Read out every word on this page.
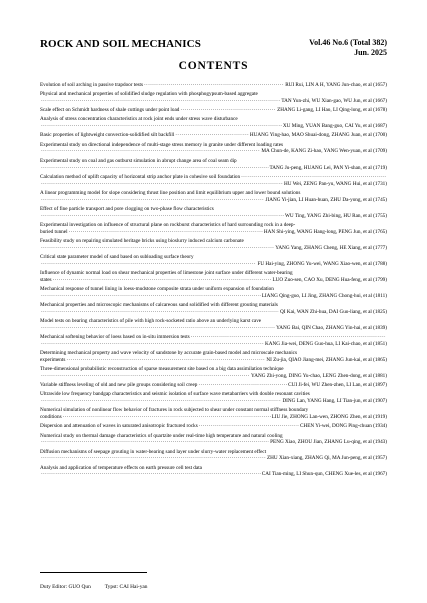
ROCK AND SOIL MECHANICS	Vol.46 No.6 (Total 382)
Jun. 2025
CONTENTS
Evolution of soil arching in passive trapdoor tests ·····	RUI Rui, LIN A H, YANG Jun-chao, et al (1657)
Physical and mechanical properties of solidified sludge regulation with phosphogypsum-based aggregate
·····
TAN Yun-zhi, WU Xian-gao, WU Jun, et al (1667)
Scale effect on Schmidt hardness of shale cuttings under point load ·····	ZHANG Li-gang, LI Hao, LI Qing-long, et al (1678)
Analysis of stress concentration characteristics at rock joint ends under stress wave disturbance
·····
XU Ming, YUAN Bang-guo, CAI Yu, et al (1687)
Basic properties of lightweight convection-solidified silt backfill ·····	HUANG Ying-hao, MAO Shuai-dong, ZHANG Juan, et al (1700)
Experimental study on directional independence of multi-stage stress memory in granite under different loading rates
·····
MA Chun-de, KANG Zi-hao, YANG Wen-yuan, et al (1709)
Experimental study on coal and gas outburst simulation in abrupt change area of coal seam dip
·····
TANG Ju-peng, HUANG Lei, PAN Yi-shan, et al (1719)
Calculation method of uplift capacity of horizontal strip anchor plate in cohesive soil foundation
·····
·····
HU Wei, ZENG Pan-yu, WANG Hui, et al (1731)
A linear programming model for slope considering thrust line position and limit equilibrium upper and lower bound solutions
·····
JIANG Yi-jian, LI Huan-huan, ZHU Da-yong, et al (1745)
Effect of fine particle transport and pore clogging on two-phase flow characteristics
·····
WU Ting, YANG Zhi-bing, HU Ran, et al (1755)
Experimental investigation on influence of structural plane on rockburst characteristics of hard surrounding rock in a deep-
buried tunnel ·····	HAN Shi-ying, WANG Hang-long, PENG Jun, et al (1765)
Feasibility study on repairing simulated heritage bricks using bioslurry induced calcium carbonate
·····
YANG Yang, ZHANG Cheng, HE Xiang, et al (1777)
Critical state parameter model of sand based on subloading surface theory
·····
FU Hai-ying, ZHONG Yu-wei, WANG Xiao-wen, et al (1788)
Influence of dynamic normal load on shear mechanical properties of limestone joint surface under different water-bearing
states ·····	LUO Zuo-sen, CAO Xu, DENG Hua-feng, et al (1799)
Mechanical response of tunnel lining in loess-mudstone composite strata under uniform expansion of foundation
·····
LIANG Qing-guo, LI Jing, ZHANG Chong-hui, et al (1811)
Mechanical properties and microscopic mechanisms of calcareous sand solidified with different grouting materials
·····
QI Kai, WAN Zhi-hua, DAI Guo-liang, et al (1825)
Model tests on bearing characteristics of pile with high rock-socketed ratio above an underlying karst cave
·····
YANG Bai, QIN Chao, ZHANG Yin-hai, et al (1839)
Mechanical softening behavior of loess based on in-situ immersion tests
·····
·····
KANG Jia-wei, DENG Guo-hua, LI Kai-chao, et al (1851)
Determining mechanical property and wave velocity of sandstone by accurate grain-based model and microscale mechanics
experiments ·····	NI Zu-jia, QIAO Jiang-mei, ZHANG Jun-kai, et al (1865)
Three-dimensional probabilistic reconstruction of sparse measurement site based on a big data assimilation technique
·····
YANG Zhi-yong, DING Yu-chao, LENG Zhen-dong, et al (1881)
Variable stiffness leveling of old and new pile groups considering soil creep ·····	CUI Ji-fei, WU Zhen-zhen, LI Lan, et al (1897)
Ultrawide low frequency bandgap characteristics and seismic isolation of surface wave metabarriers with double resonant cavities
·····
DING Lan, YANG Hang, LI Tian-jun, et al (1907)
Numerical simulation of nonlinear flow behavior of fractures in rock subjected to shear under constant normal stiffness boundary
conditions ·····	LIU Jie, ZHONG Lan-wen, ZHONG Zhen, et al (1919)
Dispersion and attenuation of waves in saturated anisotropic fractured rocks ·····	CHEN Yi-wei, DONG Ping-chuan (1934)
Numerical study on thermal damage characteristics of quartzite under real-time high temperature and natural cooling
·····
PENG Xiao, ZHOU Jian, ZHANG Lu-qing, et al (1943)
Diffusion mechanisms of seepage grouting in water-bearing sand layer under slurry-water replacement effect
·····
ZHU Xian-xiang, ZHANG Qi, MA Jun-peng, et al (1957)
Analysis and application of temperature effects on earth pressure cell test data
·····
CAI Tian-ming, LI Shun-qun, CHENG Xue-les, et al (1967)
Duty Editor: GUO Qun	Typst: CAI Hai-yan
